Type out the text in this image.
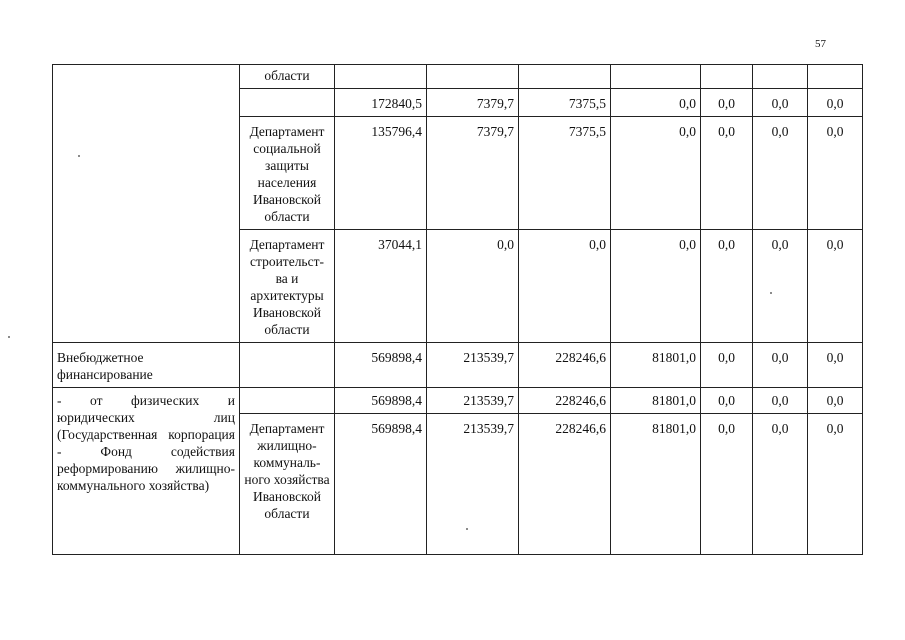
57
	области							
		172840,5	7379,7	7375,5	0,0	0,0	0,0	0,0
	Департамент социальной защиты населения Ивановской области	135796,4	7379,7	7375,5	0,0	0,0	0,0	0,0
	Департамент строительст-ва и архитектуры Ивановской области	37044,1	0,0	0,0	0,0	0,0	0,0	0,0
Внебюджетное финансирование		569898,4	213539,7	228246,6	81801,0	0,0	0,0	0,0
- от физических и юридических лиц (Государственная корпорация - Фонд содействия реформированию жилищно-коммунального хозяйства)		569898,4	213539,7	228246,6	81801,0	0,0	0,0	0,0
	Департамент жилищно-коммуналь-ного хозяйства Ивановской области	569898,4	213539,7	228246,6	81801,0	0,0	0,0	0,0
